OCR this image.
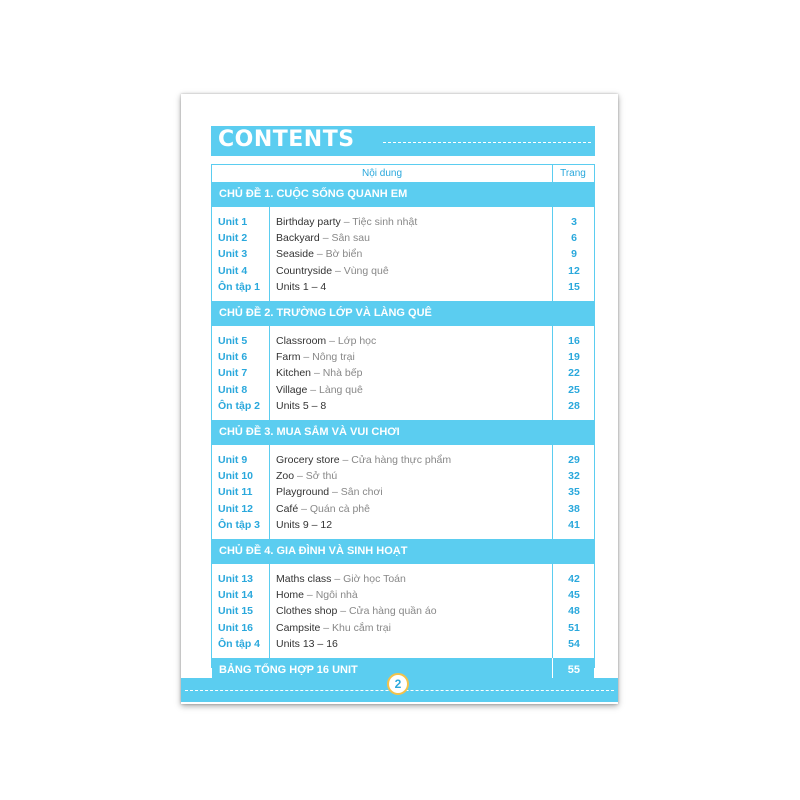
CONTENTS
Nội dung	Trang
CHỦ ĐỀ 1. CUỘC SỐNG QUANH EM
Unit 1	Birthday party – Tiệc sinh nhật	3
Unit 2	Backyard – Sân sau	6
Unit 3	Seaside – Bờ biển	9
Unit 4	Countryside – Vùng quê	12
Ôn tập 1 Units 1 – 4	15
CHỦ ĐỀ 2. TRƯỜNG LỚP VÀ LÀNG QUÊ
Unit 5	Classroom – Lớp học	16
Unit 6	Farm – Nông trại	19
Unit 7	Kitchen – Nhà bếp	22
Unit 8	Village – Làng quê	25
Ôn tập 2 Units 5 – 8	28
CHỦ ĐỀ 3. MUA SẮM VÀ VUI CHƠI
Unit 9	Grocery store – Cửa hàng thực phẩm	29
Unit 10 Zoo – Sở thú	32
Unit 11 Playground – Sân chơi	35
Unit 12 Café – Quán cà phê	38
Ôn tập 3 Units 9 – 12	41
CHỦ ĐỀ 4. GIA ĐÌNH VÀ SINH HOẠT
Unit 13 Maths class – Giờ học Toán	42
Unit 14 Home – Ngôi nhà	45
Unit 15 Clothes shop – Cửa hàng quần áo	48
Unit 16 Campsite – Khu cắm trại	51
Ôn tập 4 Units 13 – 16	54
BẢNG TỔNG HỢP 16 UNIT	55
2
